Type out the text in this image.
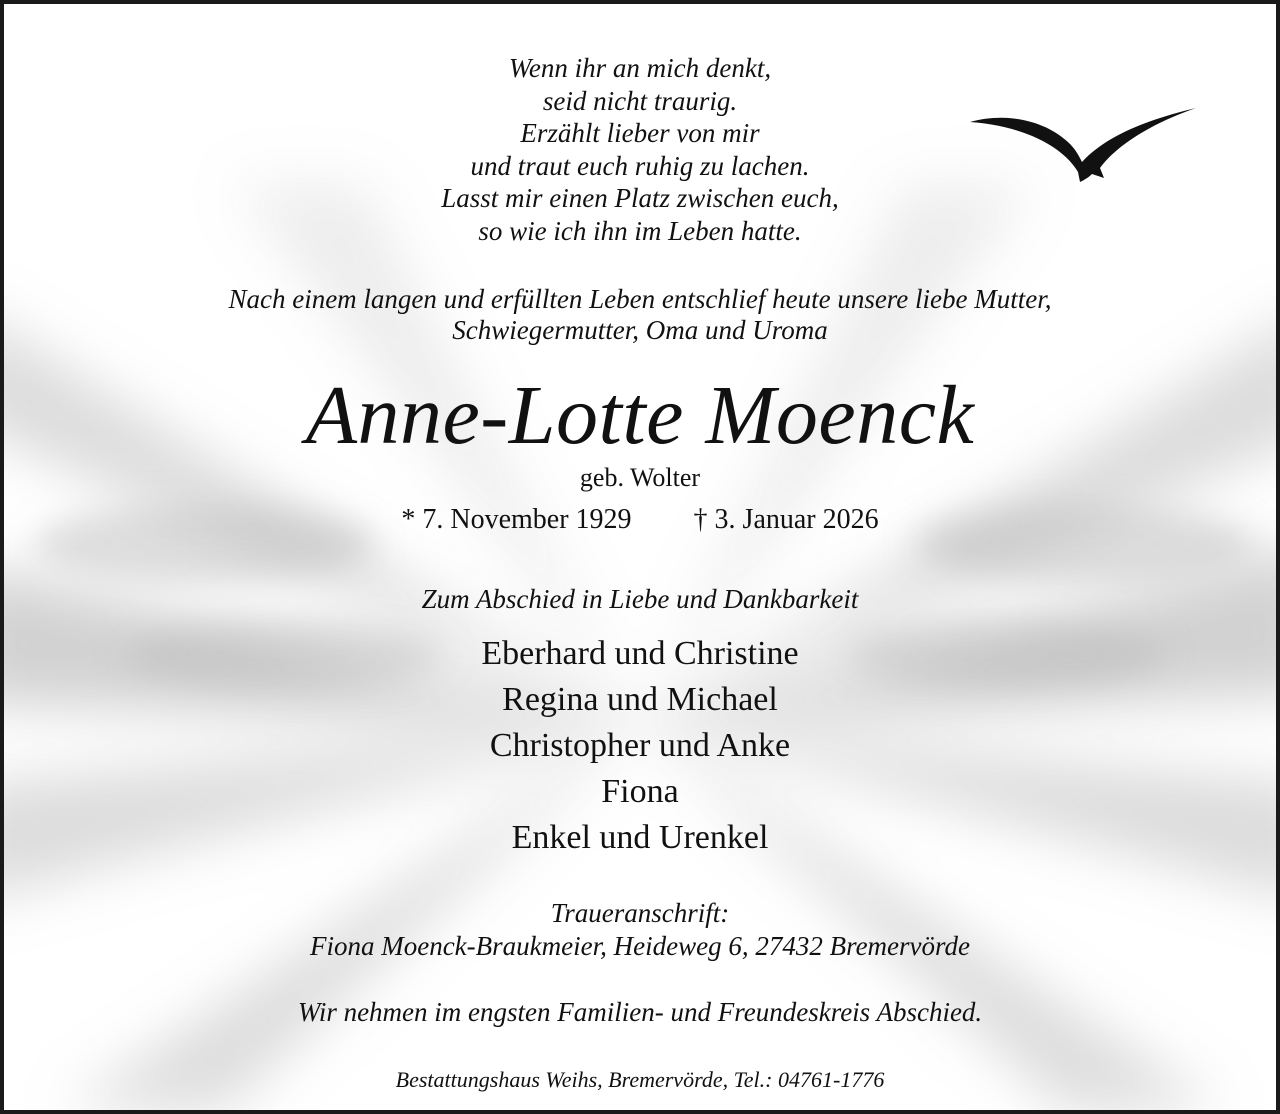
Wenn ihr an mich denkt,
seid nicht traurig.
Erzählt lieber von mir
und traut euch ruhig zu lachen.
Lasst mir einen Platz zwischen euch,
so wie ich ihn im Leben hatte.
Nach einem langen und erfüllten Leben entschlief heute unsere liebe Mutter,
Schwiegermutter, Oma und Uroma
Anne-Lotte Moenck
geb. Wolter
* 7. November 1929 † 3. Januar 2026
Zum Abschied in Liebe und Dankbarkeit
Eberhard und Christine
Regina und Michael
Christopher und Anke
Fiona
Enkel und Urenkel
Traueranschrift:
Fiona Moenck-Braukmeier, Heideweg 6, 27432 Bremervörde
Wir nehmen im engsten Familien- und Freundeskreis Abschied.
Bestattungshaus Weihs, Bremervörde, Tel.: 04761-1776
